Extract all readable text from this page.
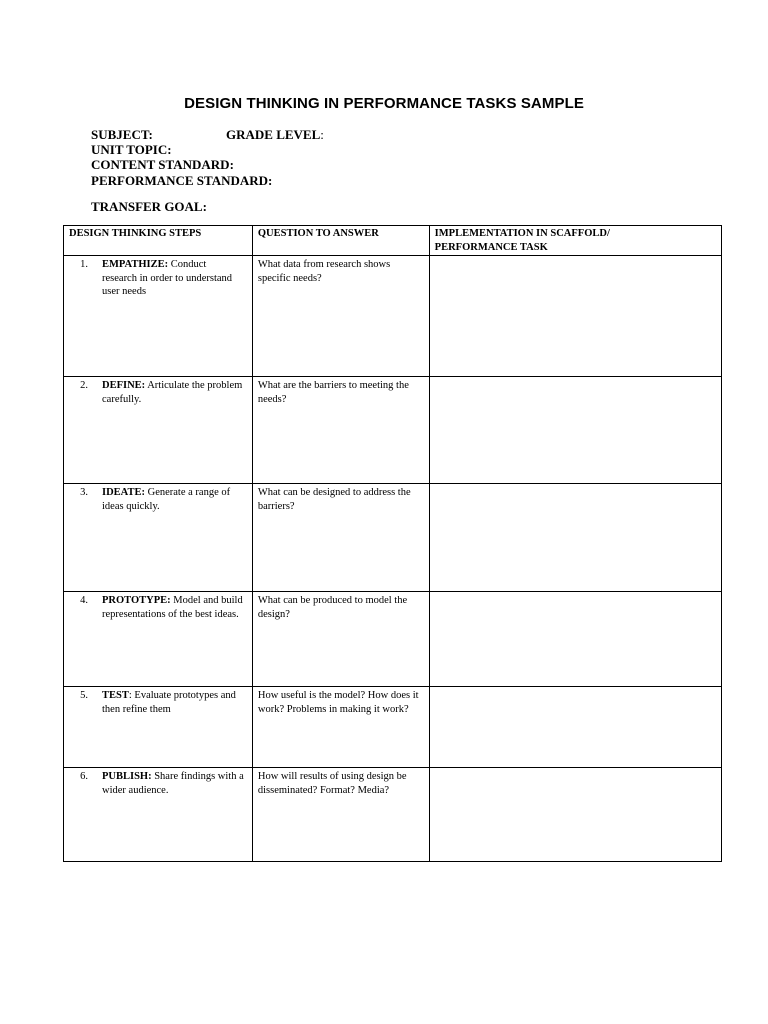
DESIGN THINKING IN PERFORMANCE TASKS SAMPLE
SUBJECT:	GRADE LEVEL:
UNIT TOPIC:
CONTENT STANDARD:
PERFORMANCE STANDARD:
TRANSFER GOAL:
DESIGN THINKING STEPS	QUESTION TO ANSWER	IMPLEMENTATION IN SCAFFOLD/
PERFORMANCE TASK

1. EMPATHIZE: Conduct research in order to understand user needs	What data from research shows specific needs?	

2. DEFINE: Articulate the problem carefully.	What are the barriers to meeting the needs?	

3. IDEATE: Generate a range of ideas quickly.	What can be designed to address the barriers?	

4. PROTOTYPE: Model and build representations of the best ideas.	What can be produced to model the design?	

5. TEST: Evaluate prototypes and then refine them	How useful is the model? How does it work? Problems in making it work?	

6. PUBLISH: Share findings with a wider audience.	How will results of using design be disseminated? Format? Media?	
